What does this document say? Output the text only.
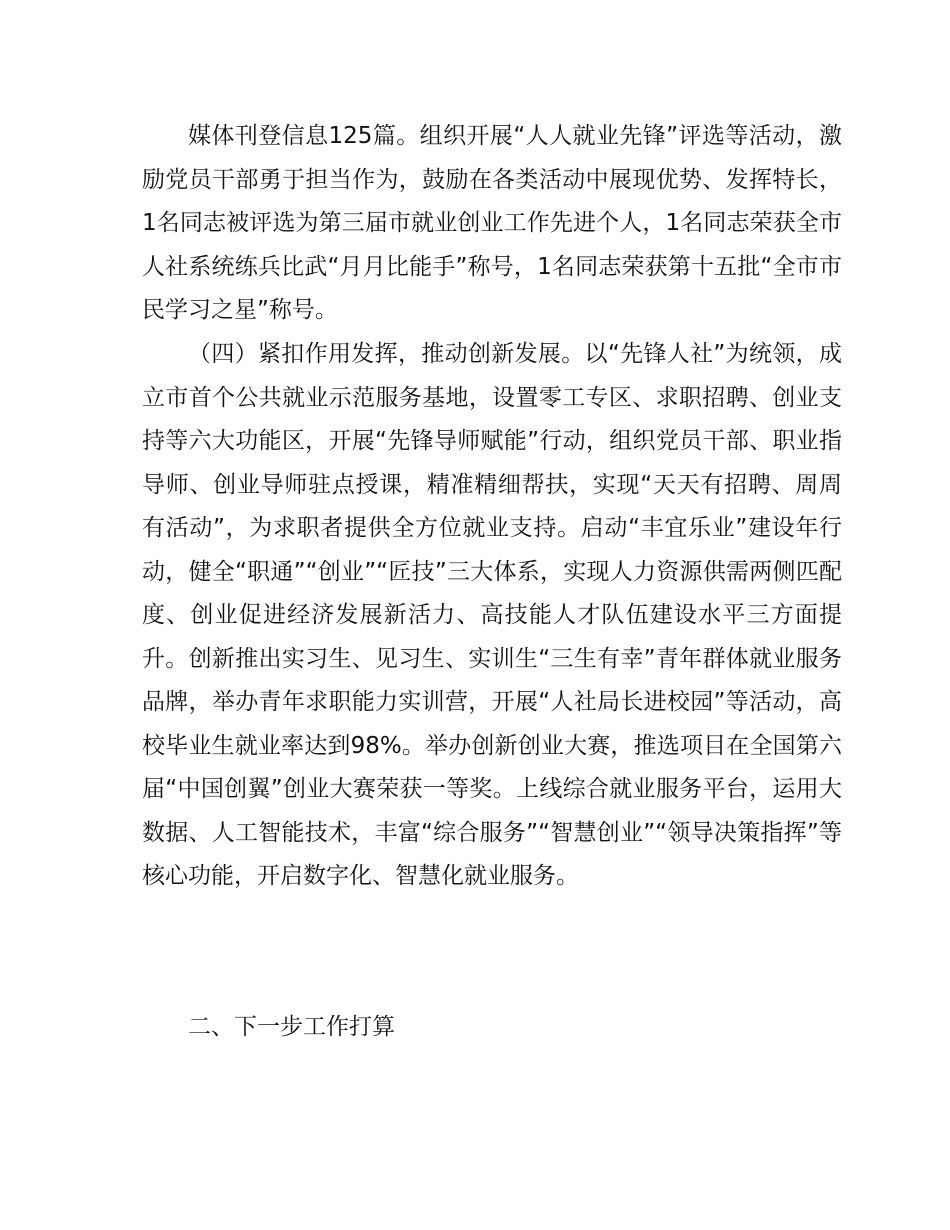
媒体刊登信息125篇。组织开展“人人就业先锋”评选等活动，激励党员干部勇于担当作为，鼓励在各类活动中展现优势、发挥特长，1名同志被评选为第三届市就业创业工作先进个人，1名同志荣获全市人社系统练兵比武“月月比能手”称号，1名同志荣获第十五批“全市市民学习之星”称号。

（四）紧扣作用发挥，推动创新发展。以“先锋人社”为统领，成立市首个公共就业示范服务基地，设置零工专区、求职招聘、创业支持等六大功能区，开展“先锋导师赋能”行动，组织党员干部、职业指导师、创业导师驻点授课，精准精细帮扶，实现“天天有招聘、周周有活动”，为求职者提供全方位就业支持。启动“丰宜乐业”建设年行动，健全“职通”“创业”“匠技”三大体系，实现人力资源供需两侧匹配度、创业促进经济发展新活力、高技能人才队伍建设水平三方面提升。创新推出实习生、见习生、实训生“三生有幸”青年群体就业服务品牌，举办青年求职能力实训营，开展“人社局长进校园”等活动，高校毕业生就业率达到98%。举办创新创业大赛，推选项目在全国第六届“中国创翼”创业大赛荣获一等奖。上线综合就业服务平台，运用大数据、人工智能技术，丰富“综合服务”“智慧创业”“领导决策指挥”等核心功能，开启数字化、智慧化就业服务。

二、下一步工作打算
